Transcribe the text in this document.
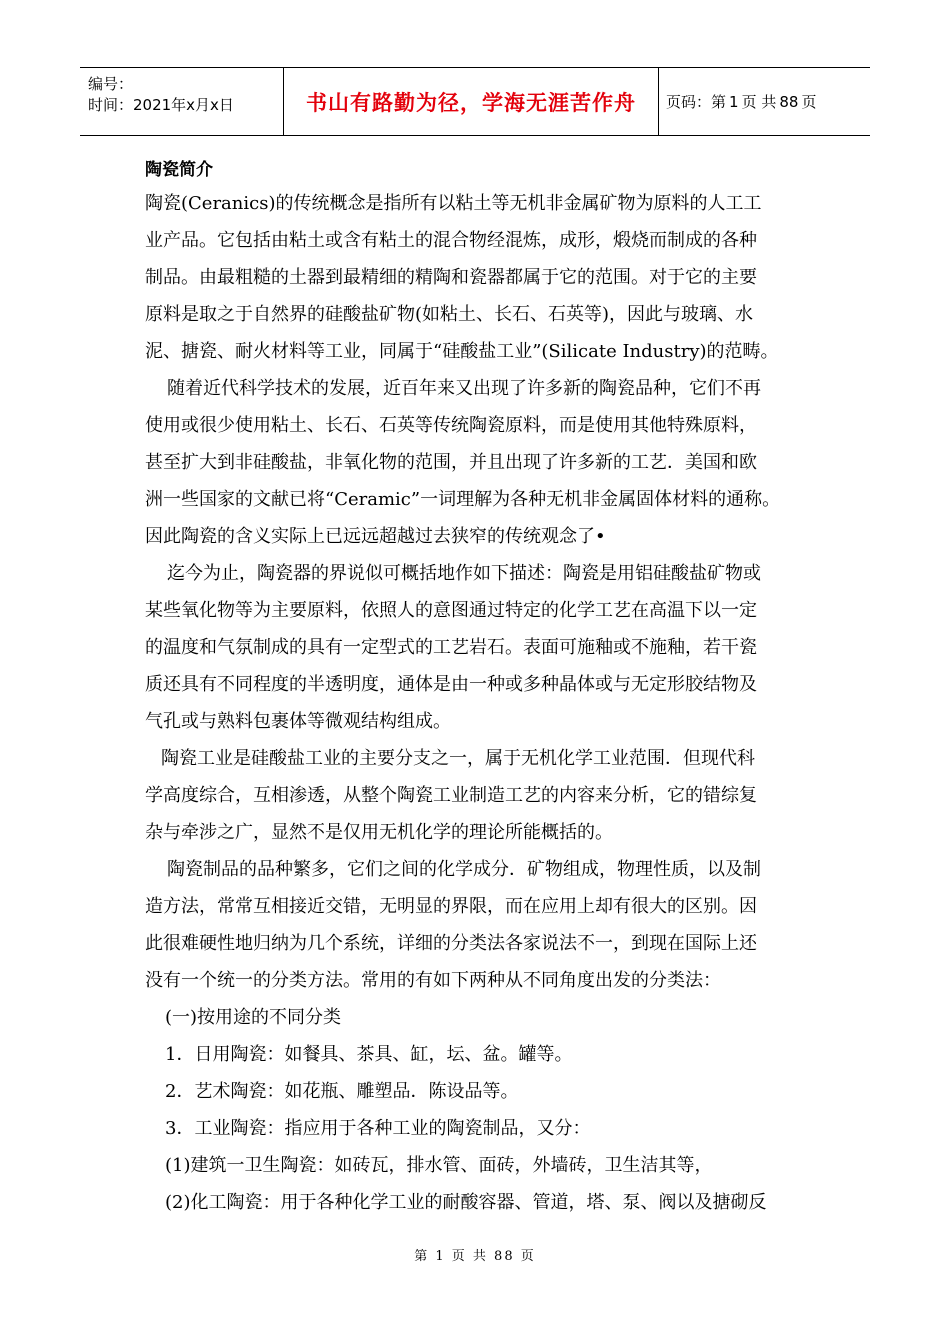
编号：
时间：2021年x月x日	书山有路勤为径，学海无涯苦作舟	页码：第 1 页 共 88 页
陶瓷简介
陶瓷(Ceranics)的传统概念是指所有以粘土等无机非金属矿物为原料的人工工
业产品。它包括由粘土或含有粘土的混合物经混炼，成形，煅烧而制成的各种
制品。由最粗糙的土器到最精细的精陶和瓷器都属于它的范围。对于它的主要
原料是取之于自然界的硅酸盐矿物(如粘土、长石、石英等)，因此与玻璃、水
泥、搪瓷、耐火材料等工业，同属于“硅酸盐工业”(Silicate Industry)的范畴。
随着近代科学技术的发展，近百年来又出现了许多新的陶瓷品种，它们不再
使用或很少使用粘土、长石、石英等传统陶瓷原料，而是使用其他特殊原料，
甚至扩大到非硅酸盐，非氧化物的范围，并且出现了许多新的工艺．美国和欧
洲一些国家的文献已将“Ceramic”一词理解为各种无机非金属固体材料的通称。
因此陶瓷的含义实际上已远远超越过去狭窄的传统观念了•
迄今为止，陶瓷器的界说似可概括地作如下描述：陶瓷是用铝硅酸盐矿物或
某些氧化物等为主要原料，依照人的意图通过特定的化学工艺在高温下以一定
的温度和气氛制成的具有一定型式的工艺岩石。表面可施釉或不施釉，若干瓷
质还具有不同程度的半透明度，通体是由一种或多种晶体或与无定形胶结物及
气孔或与熟料包裹体等微观结构组成。
陶瓷工业是硅酸盐工业的主要分支之一，属于无机化学工业范围．但现代科
学高度综合，互相渗透，从整个陶瓷工业制造工艺的内容来分析，它的错综复
杂与牵涉之广，显然不是仅用无机化学的理论所能概括的。
陶瓷制品的品种繁多，它们之间的化学成分．矿物组成，物理性质，以及制
造方法，常常互相接近交错，无明显的界限，而在应用上却有很大的区别。因
此很难硬性地归纳为几个系统，详细的分类法各家说法不一，到现在国际上还
没有一个统一的分类方法。常用的有如下两种从不同角度出发的分类法：
(一)按用途的不同分类
1．日用陶瓷：如餐具、茶具、缸，坛、盆。罐等。
2．艺术陶瓷：如花瓶、雕塑品．陈设品等。
3．工业陶瓷：指应用于各种工业的陶瓷制品，又分：
(1)建筑一卫生陶瓷：如砖瓦，排水管、面砖，外墙砖，卫生洁其等，
(2)化工陶瓷：用于各种化学工业的耐酸容器、管道，塔、泵、阀以及搪砌反
第 1 页 共 88 页
